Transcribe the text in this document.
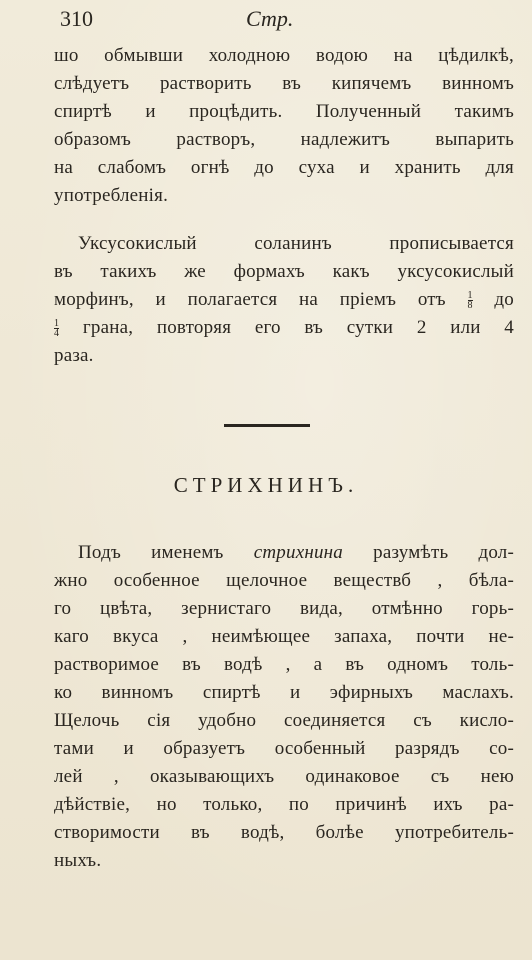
310	Стр.
шо обмывши холодною водою на цѣдилкѣ,
слѣдуетъ растворить въ кипячемъ винномъ
спиртѣ и процѣдить. Полученный такимъ
образомъ растворъ, надлежитъ выпарить
на слабомъ огнѣ до суха и хранить для
употребленія.
Уксусокислый соланинъ прописывается
въ такихъ же формахъ какъ уксусокислый
морфинъ, и полагается на пріемъ отъ $\frac{1}{8}$ до
$\frac{1}{4}$ грана, повторяя его въ сутки 2 или 4
раза.
СТРИХНИНЪ.
Подъ именемъ стрихнина разумѣть дол-
жно особенное щелочное веществб , бѣла-
го цвѣта, зернистаго вида, отмѣнно горь-
каго вкуса , неимѣющее запаха, почти не-
растворимое въ водѣ , а въ одномъ толь-
ко винномъ спиртѣ и эфирныхъ маслахъ.
Щелочь сія удобно соединяется съ кисло-
тами и образуетъ особенный разрядъ со-
лей , оказывающихъ одинаковое съ нею
дѣйствіе, но только, по причинѣ ихъ ра-
створимости въ водѣ, болѣе употребитель-
ныхъ.
